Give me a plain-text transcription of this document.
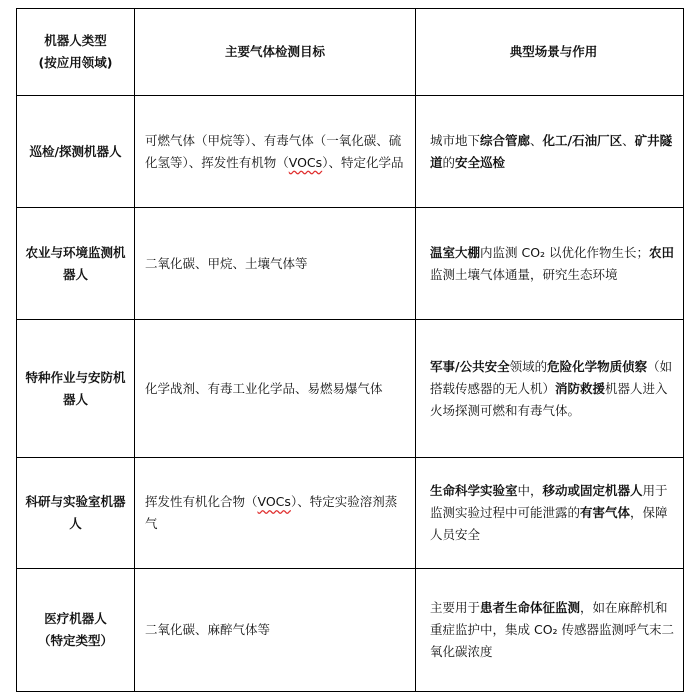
机器人类型
(按应用领域)	主要气体检测目标	典型场景与作用
巡检/探测机器人	可燃气体（甲烷等）、有毒气体（一氧化碳、硫化氢等）、挥发性有机物（VOCs）、特定化学品	城市地下综合管廊、化工/石油厂区、矿井隧道的安全巡检
农业与环境监测机器人	二氧化碳、甲烷、土壤气体等	温室大棚内监测 CO₂ 以优化作物生长；农田监测土壤气体通量，研究生态环境
特种作业与安防机器人	化学战剂、有毒工业化学品、易燃易爆气体	军事/公共安全领域的危险化学物质侦察（如搭载传感器的无人机）消防救援机器人进入火场探测可燃和有毒气体。
科研与实验室机器人	挥发性有机化合物（VOCs）、特定实验溶剂蒸气	生命科学实验室中，移动或固定机器人用于监测实验过程中可能泄露的有害气体，保障人员安全
医疗机器人
（特定类型）	二氧化碳、麻醉气体等	主要用于患者生命体征监测，如在麻醉机和重症监护中，集成 CO₂ 传感器监测呼气末二氧化碳浓度
